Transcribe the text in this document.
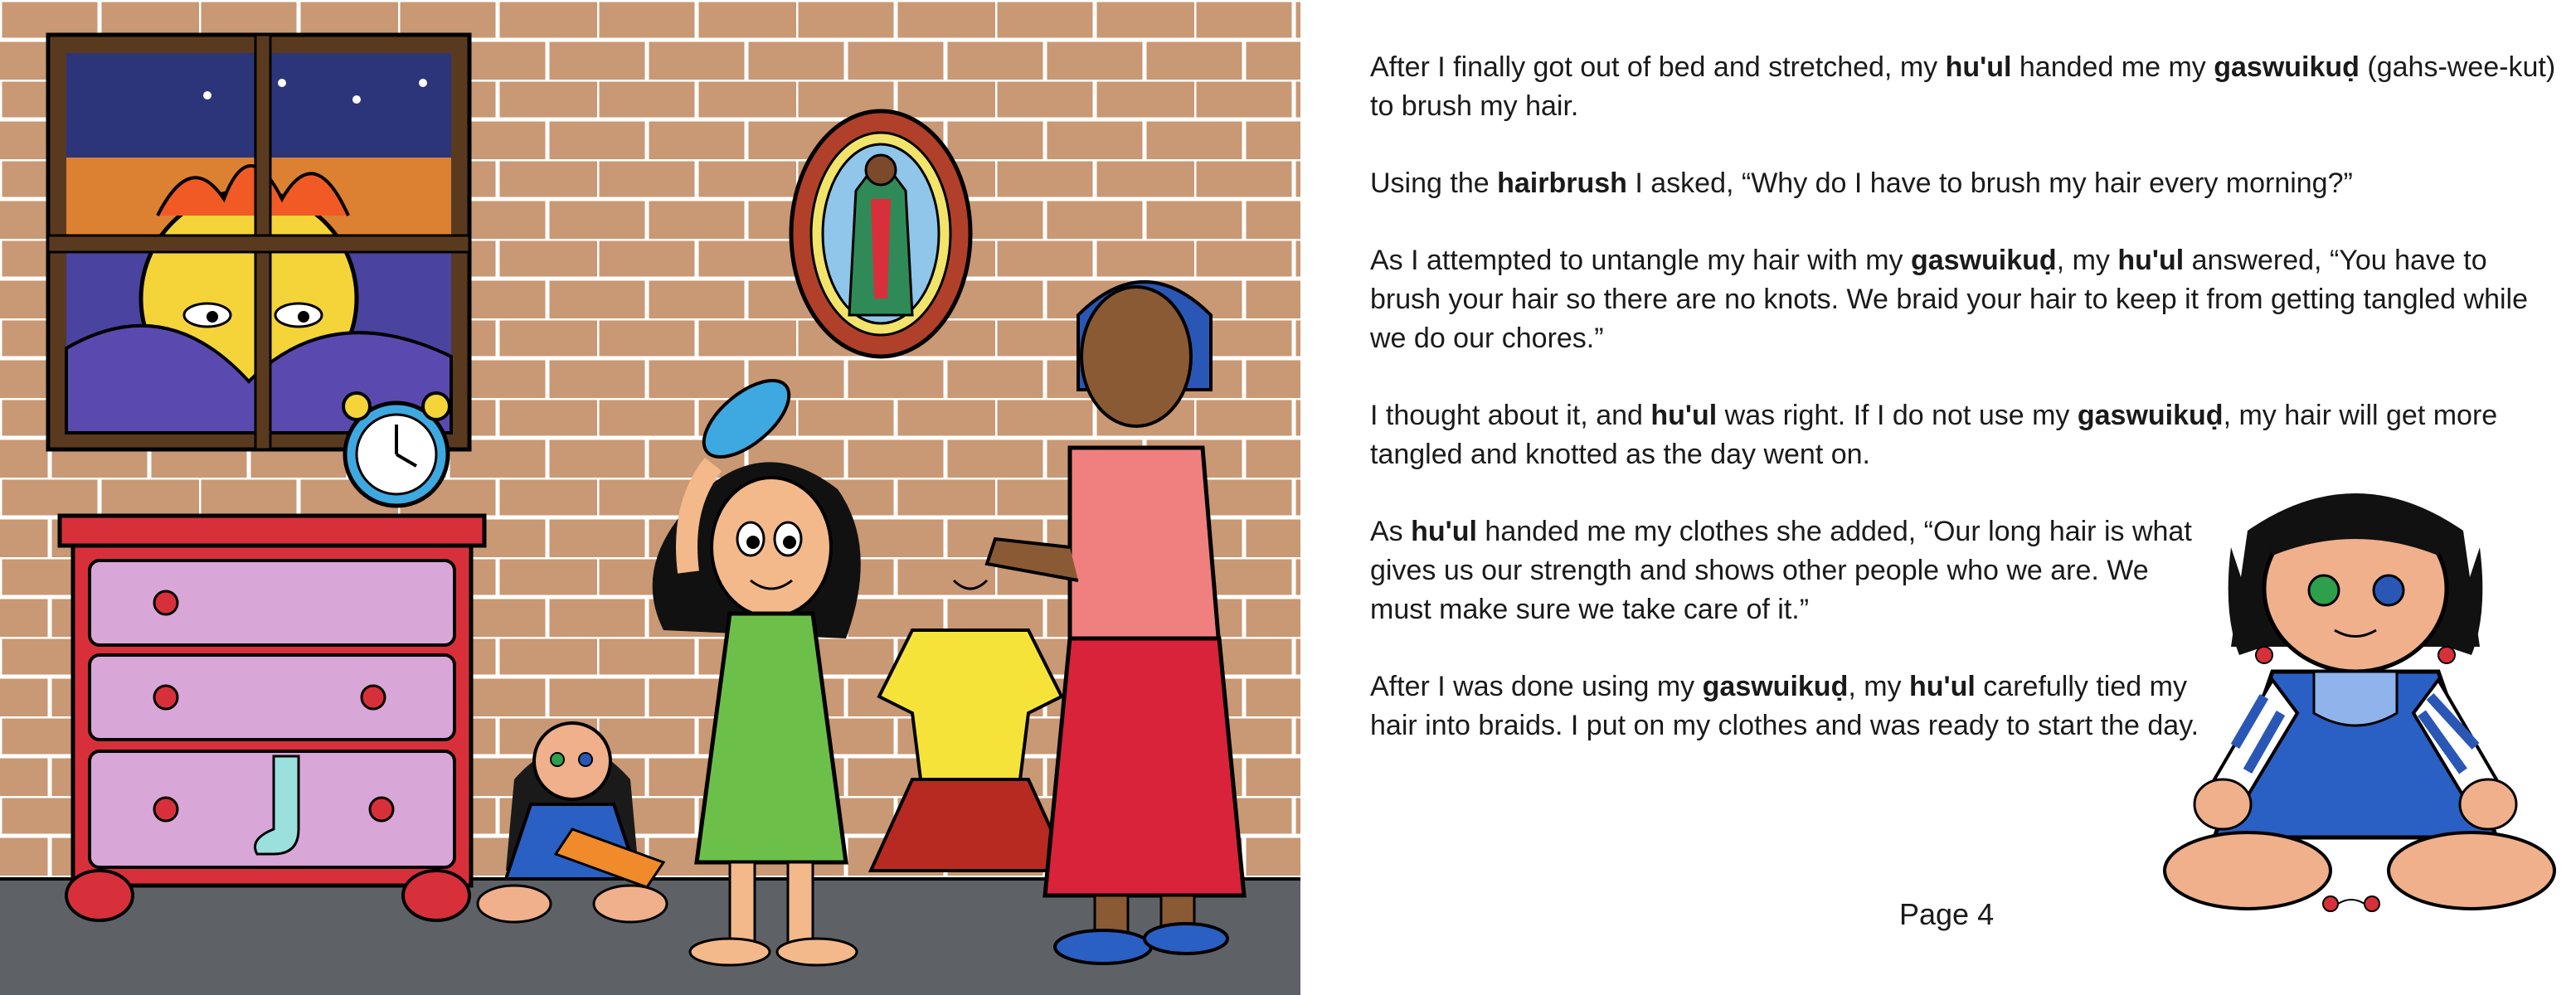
After I finally got out of bed and stretched, my hu'ul handed me my gaswuikuḍ (gahs-wee-kut) to brush my hair.

Using the hairbrush I asked, “Why do I have to brush my hair every morning?”

As I attempted to untangle my hair with my gaswuikuḍ, my hu'ul answered, “You have to brush your hair so there are no knots. We braid your hair to keep it from getting tangled while we do our chores.”

I thought about it, and hu'ul was right. If I do not use my gaswuikuḍ, my hair will get more tangled and knotted as the day went on.

As hu'ul handed me my clothes she added, “Our long hair is what gives us our strength and shows other people who we are. We must make sure we take care of it.”

After I was done using my gaswuikuḍ, my hu'ul carefully tied my hair into braids. I put on my clothes and was ready to start the day.

Page 4
